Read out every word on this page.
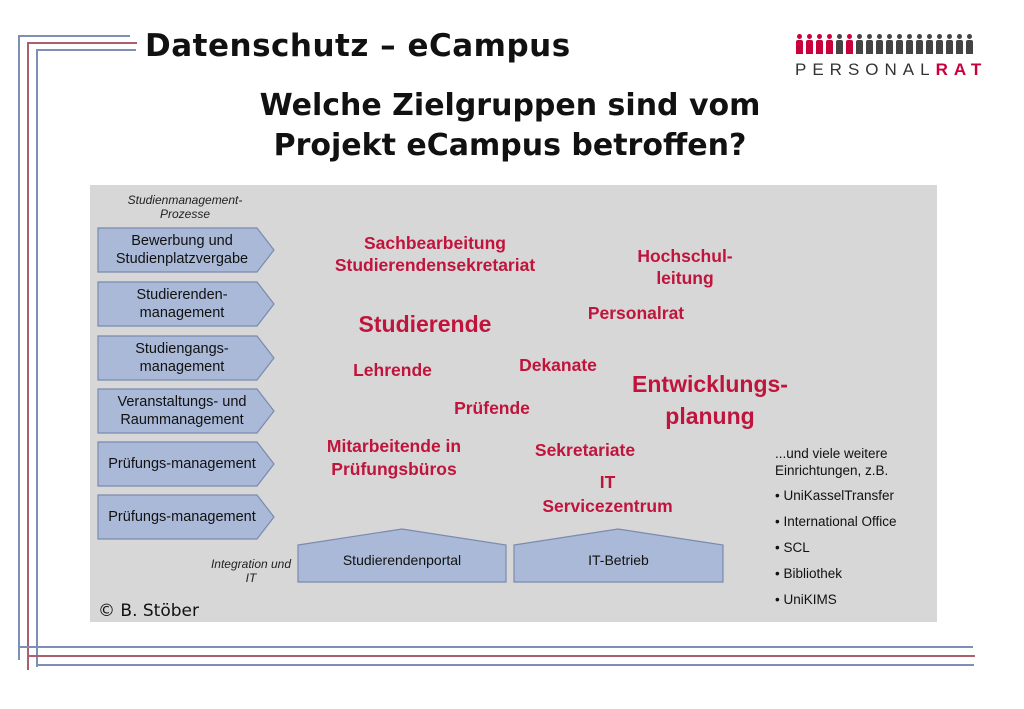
Datenschutz – eCampus
Welche Zielgruppen sind vom Projekt eCampus betroffen?
PERSONALRAT
Studienmanagement-Prozesse
Bewerbung und Studienplatzvergabe
Studierenden-management
Studiengangs-management
Veranstaltungs- und Raummanagement
Prüfungs-management
Prüfungs-management
Sachbearbeitung Studierendensekretariat	Hochschul-leitung
Personalrat
Studierende
Dekanate
Lehrende
Entwicklungs-planung
Prüfende
Mitarbeitende in Prüfungsbüros
Sekretariate
IT Servicezentrum
Integration und IT
Studierendenportal	IT-Betrieb
...und viele weitere Einrichtungen, z.B.
• UniKasselTransfer
• International Office
• SCL
• Bibliothek
• UniKIMS
© B. Stöber
